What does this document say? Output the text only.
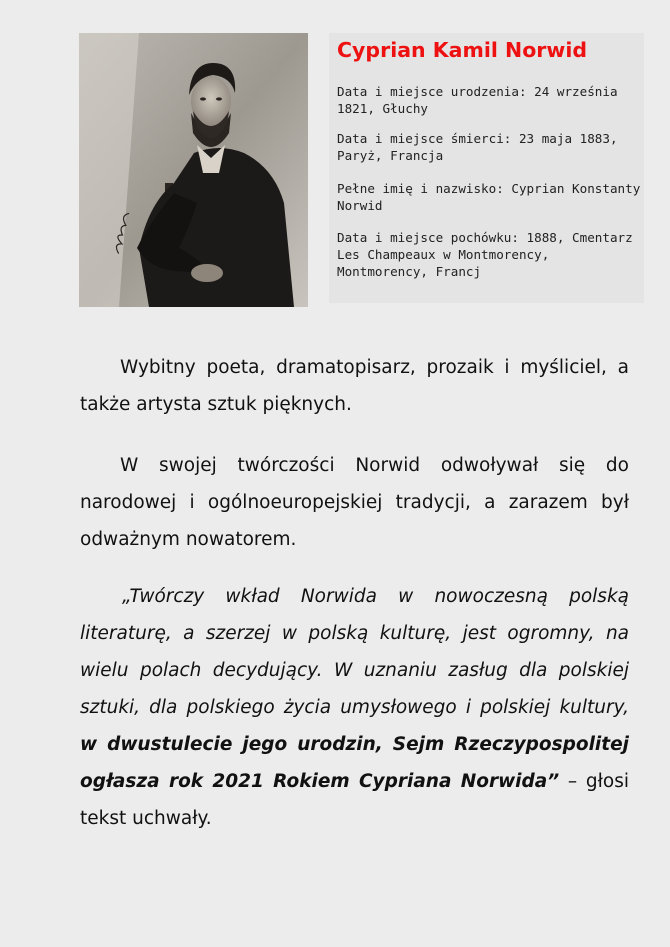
Cyprian Kamil Norwid
Data i miejsce urodzenia: 24 września 1821, Głuchy
Data i miejsce śmierci: 23 maja 1883, Paryż, Francja
Pełne imię i nazwisko: Cyprian Konstanty Norwid
Data i miejsce pochówku: 1888, Cmentarz Les Champeaux w Montmorency, Montmorency, Francj

Wybitny poeta, dramatopisarz, prozaik i myśliciel, a także artysta sztuk pięknych.

W swojej twórczości Norwid odwoływał się do narodowej i ogólnoeuropejskiej tradycji, a zarazem był odważnym nowatorem.

„Twórczy wkład Norwida w nowoczesną polską literaturę, a szerzej w polską kulturę, jest ogromny, na wielu polach decydujący. W uznaniu zasług dla polskiej sztuki, dla polskiego życia umysłowego i polskiej kultury, w dwustulecie jego urodzin, Sejm Rzeczypospolitej ogłasza rok 2021 Rokiem Cypriana Norwida” – głosi tekst uchwały.
